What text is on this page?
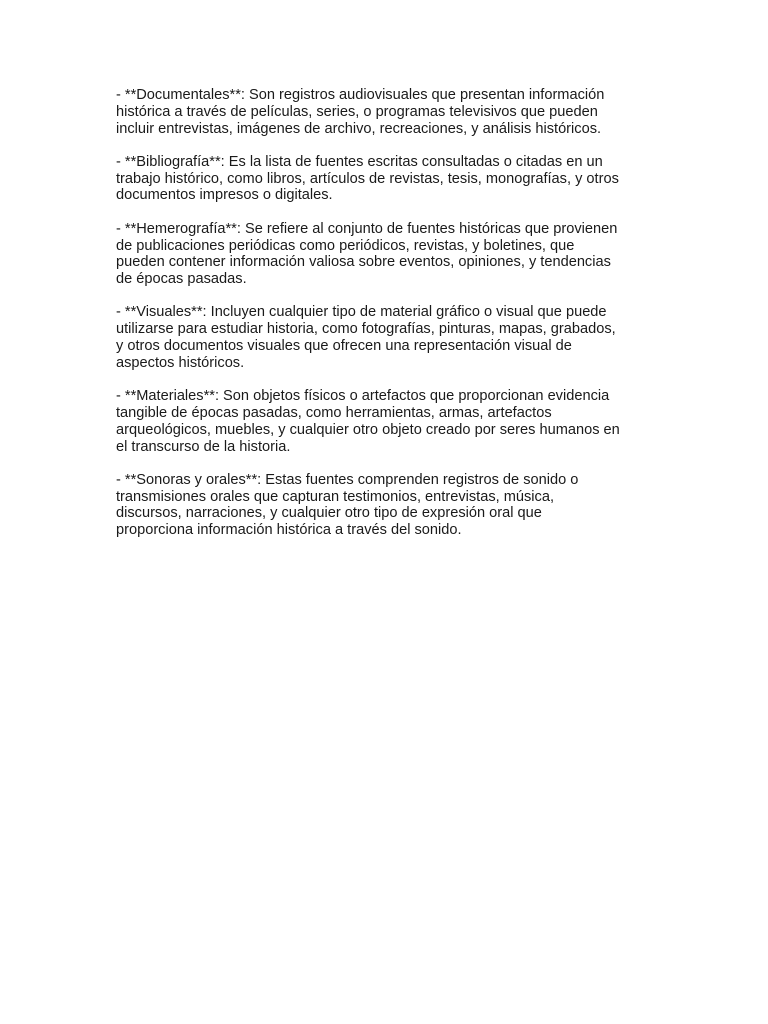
- **Documentales**: Son registros audiovisuales que presentan información
histórica a través de películas, series, o programas televisivos que pueden
incluir entrevistas, imágenes de archivo, recreaciones, y análisis históricos.

- **Bibliografía**: Es la lista de fuentes escritas consultadas o citadas en un
trabajo histórico, como libros, artículos de revistas, tesis, monografías, y otros
documentos impresos o digitales.

- **Hemerografía**: Se refiere al conjunto de fuentes históricas que provienen
de publicaciones periódicas como periódicos, revistas, y boletines, que
pueden contener información valiosa sobre eventos, opiniones, y tendencias
de épocas pasadas.

- **Visuales**: Incluyen cualquier tipo de material gráfico o visual que puede
utilizarse para estudiar historia, como fotografías, pinturas, mapas, grabados,
y otros documentos visuales que ofrecen una representación visual de
aspectos históricos.

- **Materiales**: Son objetos físicos o artefactos que proporcionan evidencia
tangible de épocas pasadas, como herramientas, armas, artefactos
arqueológicos, muebles, y cualquier otro objeto creado por seres humanos en
el transcurso de la historia.

- **Sonoras y orales**: Estas fuentes comprenden registros de sonido o
transmisiones orales que capturan testimonios, entrevistas, música,
discursos, narraciones, y cualquier otro tipo de expresión oral que
proporciona información histórica a través del sonido.
